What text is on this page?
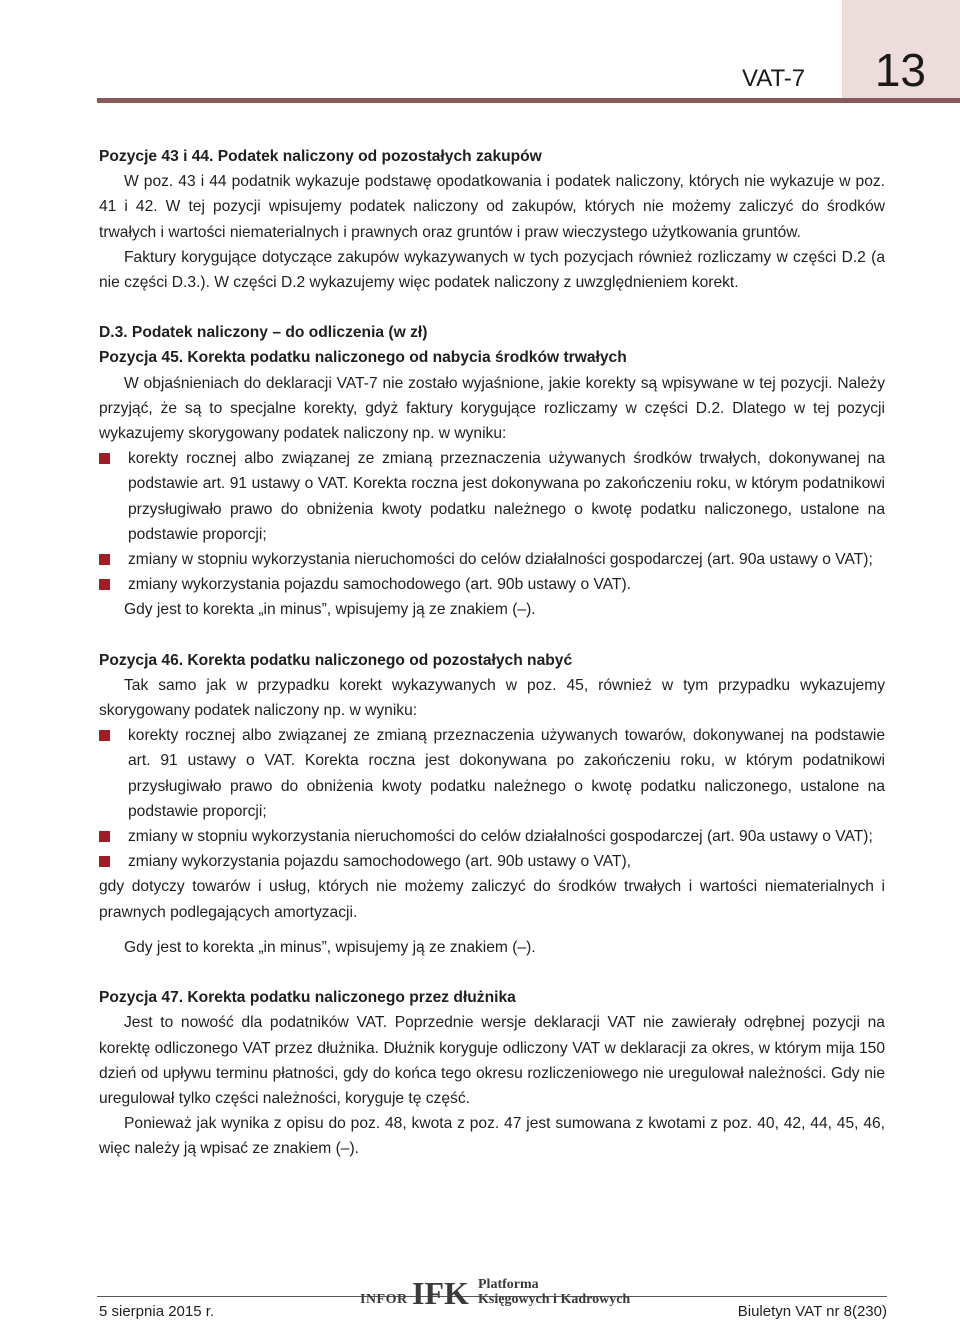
13
VAT-7

Pozycje 43 i 44. Podatek naliczony od pozostałych zakupów

W poz. 43 i 44 podatnik wykazuje podstawę opodatkowania i podatek naliczony, których nie wykazuje w poz. 41 i 42. W tej pozycji wpisujemy podatek naliczony od zakupów, których nie możemy zaliczyć do środków trwałych i wartości niematerialnych i prawnych oraz gruntów i praw wieczystego użytkowania gruntów.

Faktury korygujące dotyczące zakupów wykazywanych w tych pozycjach również rozliczamy w części D.2 (a nie części D.3.). W części D.2 wykazujemy więc podatek naliczony z uwzględnieniem korekt.

D.3. Podatek naliczony – do odliczenia (w zł)

Pozycja 45. Korekta podatku naliczonego od nabycia środków trwałych

W objaśnieniach do deklaracji VAT-7 nie zostało wyjaśnione, jakie korekty są wpisywane w tej pozycji. Należy przyjąć, że są to specjalne korekty, gdyż faktury korygujące rozliczamy w części D.2. Dlatego w tej pozycji wykazujemy skorygowany podatek naliczony np. w wyniku:

korekty rocznej albo związanej ze zmianą przeznaczenia używanych środków trwałych, dokonywanej na podstawie art. 91 ustawy o VAT. Korekta roczna jest dokonywana po zakończeniu roku, w którym podatnikowi przysługiwało prawo do obniżenia kwoty podatku należnego o kwotę podatku naliczonego, ustalone na podstawie proporcji;
zmiany w stopniu wykorzystania nieruchomości do celów działalności gospodarczej (art. 90a ustawy o VAT);
zmiany wykorzystania pojazdu samochodowego (art. 90b ustawy o VAT).

Gdy jest to korekta „in minus”, wpisujemy ją ze znakiem (–).

Pozycja 46. Korekta podatku naliczonego od pozostałych nabyć

Tak samo jak w przypadku korekt wykazywanych w poz. 45, również w tym przypadku wykazujemy skorygowany podatek naliczony np. w wyniku:

korekty rocznej albo związanej ze zmianą przeznaczenia używanych towarów, dokonywanej na podstawie art. 91 ustawy o VAT. Korekta roczna jest dokonywana po zakończeniu roku, w którym podatnikowi przysługiwało prawo do obniżenia kwoty podatku należnego o kwotę podatku naliczonego, ustalone na podstawie proporcji;
zmiany w stopniu wykorzystania nieruchomości do celów działalności gospodarczej (art. 90a ustawy o VAT);
zmiany wykorzystania pojazdu samochodowego (art. 90b ustawy o VAT),

gdy dotyczy towarów i usług, których nie możemy zaliczyć do środków trwałych i wartości niematerialnych i prawnych podlegających amortyzacji.

Gdy jest to korekta „in minus”, wpisujemy ją ze znakiem (–).

Pozycja 47. Korekta podatku naliczonego przez dłużnika

Jest to nowość dla podatników VAT. Poprzednie wersje deklaracji VAT nie zawierały odrębnej pozycji na korektę odliczonego VAT przez dłużnika. Dłużnik koryguje odliczony VAT w deklaracji za okres, w którym mija 150 dzień od upływu terminu płatności, gdy do końca tego okresu rozliczeniowego nie uregulował należności. Gdy nie uregulował tylko części należności, koryguje tę część.

Ponieważ jak wynika z opisu do poz. 48, kwota z poz. 47 jest sumowana z kwotami z poz. 40, 42, 44, 45, 46, więc należy ją wpisać ze znakiem (–).

INFOR IFK Platforma
Księgowych i Kadrowych
5 sierpnia 2015 r.	Biuletyn VAT nr 8(230)
